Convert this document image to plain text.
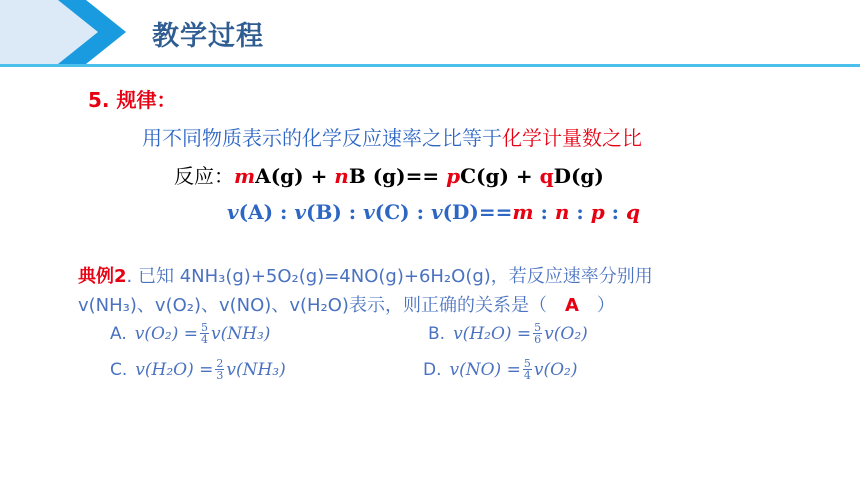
教学过程
5. 规律：
用不同物质表示的化学反应速率之比等于化学计量数之比
反应：mA(g) + nB (g)== pC(g) + qD(g)
v(A) : v(B) : v(C) : v(D)==m : n : p : q
典例2. 已知 4NH₃(g)+5O₂(g)=4NO(g)+6H₂O(g)，若反应速率分别用
v(NH₃)、v(O₂)、v(NO)、v(H₂O)表示，则正确的关系是（ A ）
A. $v(O_2) = \frac{5}{4} v(NH_3)$	B. $v(H_2O) = \frac{5}{6} v(O_2)$
C. $v(H_2O) = \frac{2}{3} v(NH_3)$	D. $v(NO) = \frac{5}{4} v(O_2)$
